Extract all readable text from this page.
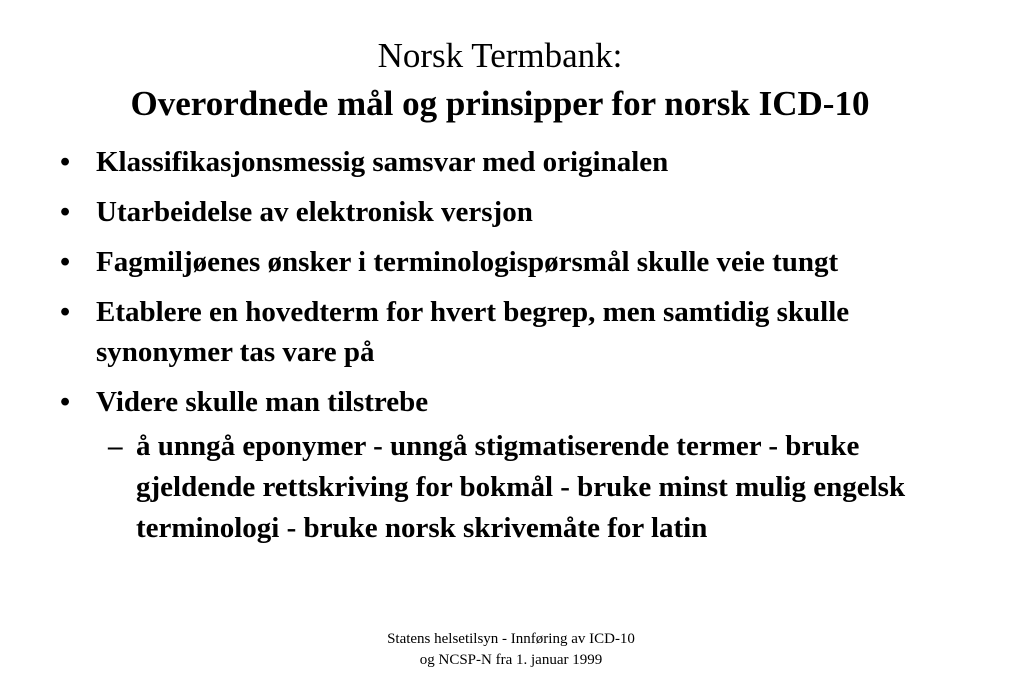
Norsk Termbank:
Overordnede mål og prinsipper for norsk ICD-10
• Klassifikasjonsmessig samsvar med originalen
• Utarbeidelse av elektronisk versjon
• Fagmiljøenes ønsker i terminologispørsmål skulle veie tungt
• Etablere en hovedterm for hvert begrep, men samtidig skulle synonymer tas vare på
• Videre skulle man tilstrebe
– å unngå eponymer - unngå stigmatiserende termer - bruke gjeldende rettskriving for bokmål - bruke minst mulig engelsk terminologi - bruke norsk skrivemåte for latin
Statens helsetilsyn - Innføring av ICD-10
og NCSP-N fra 1. januar 1999
